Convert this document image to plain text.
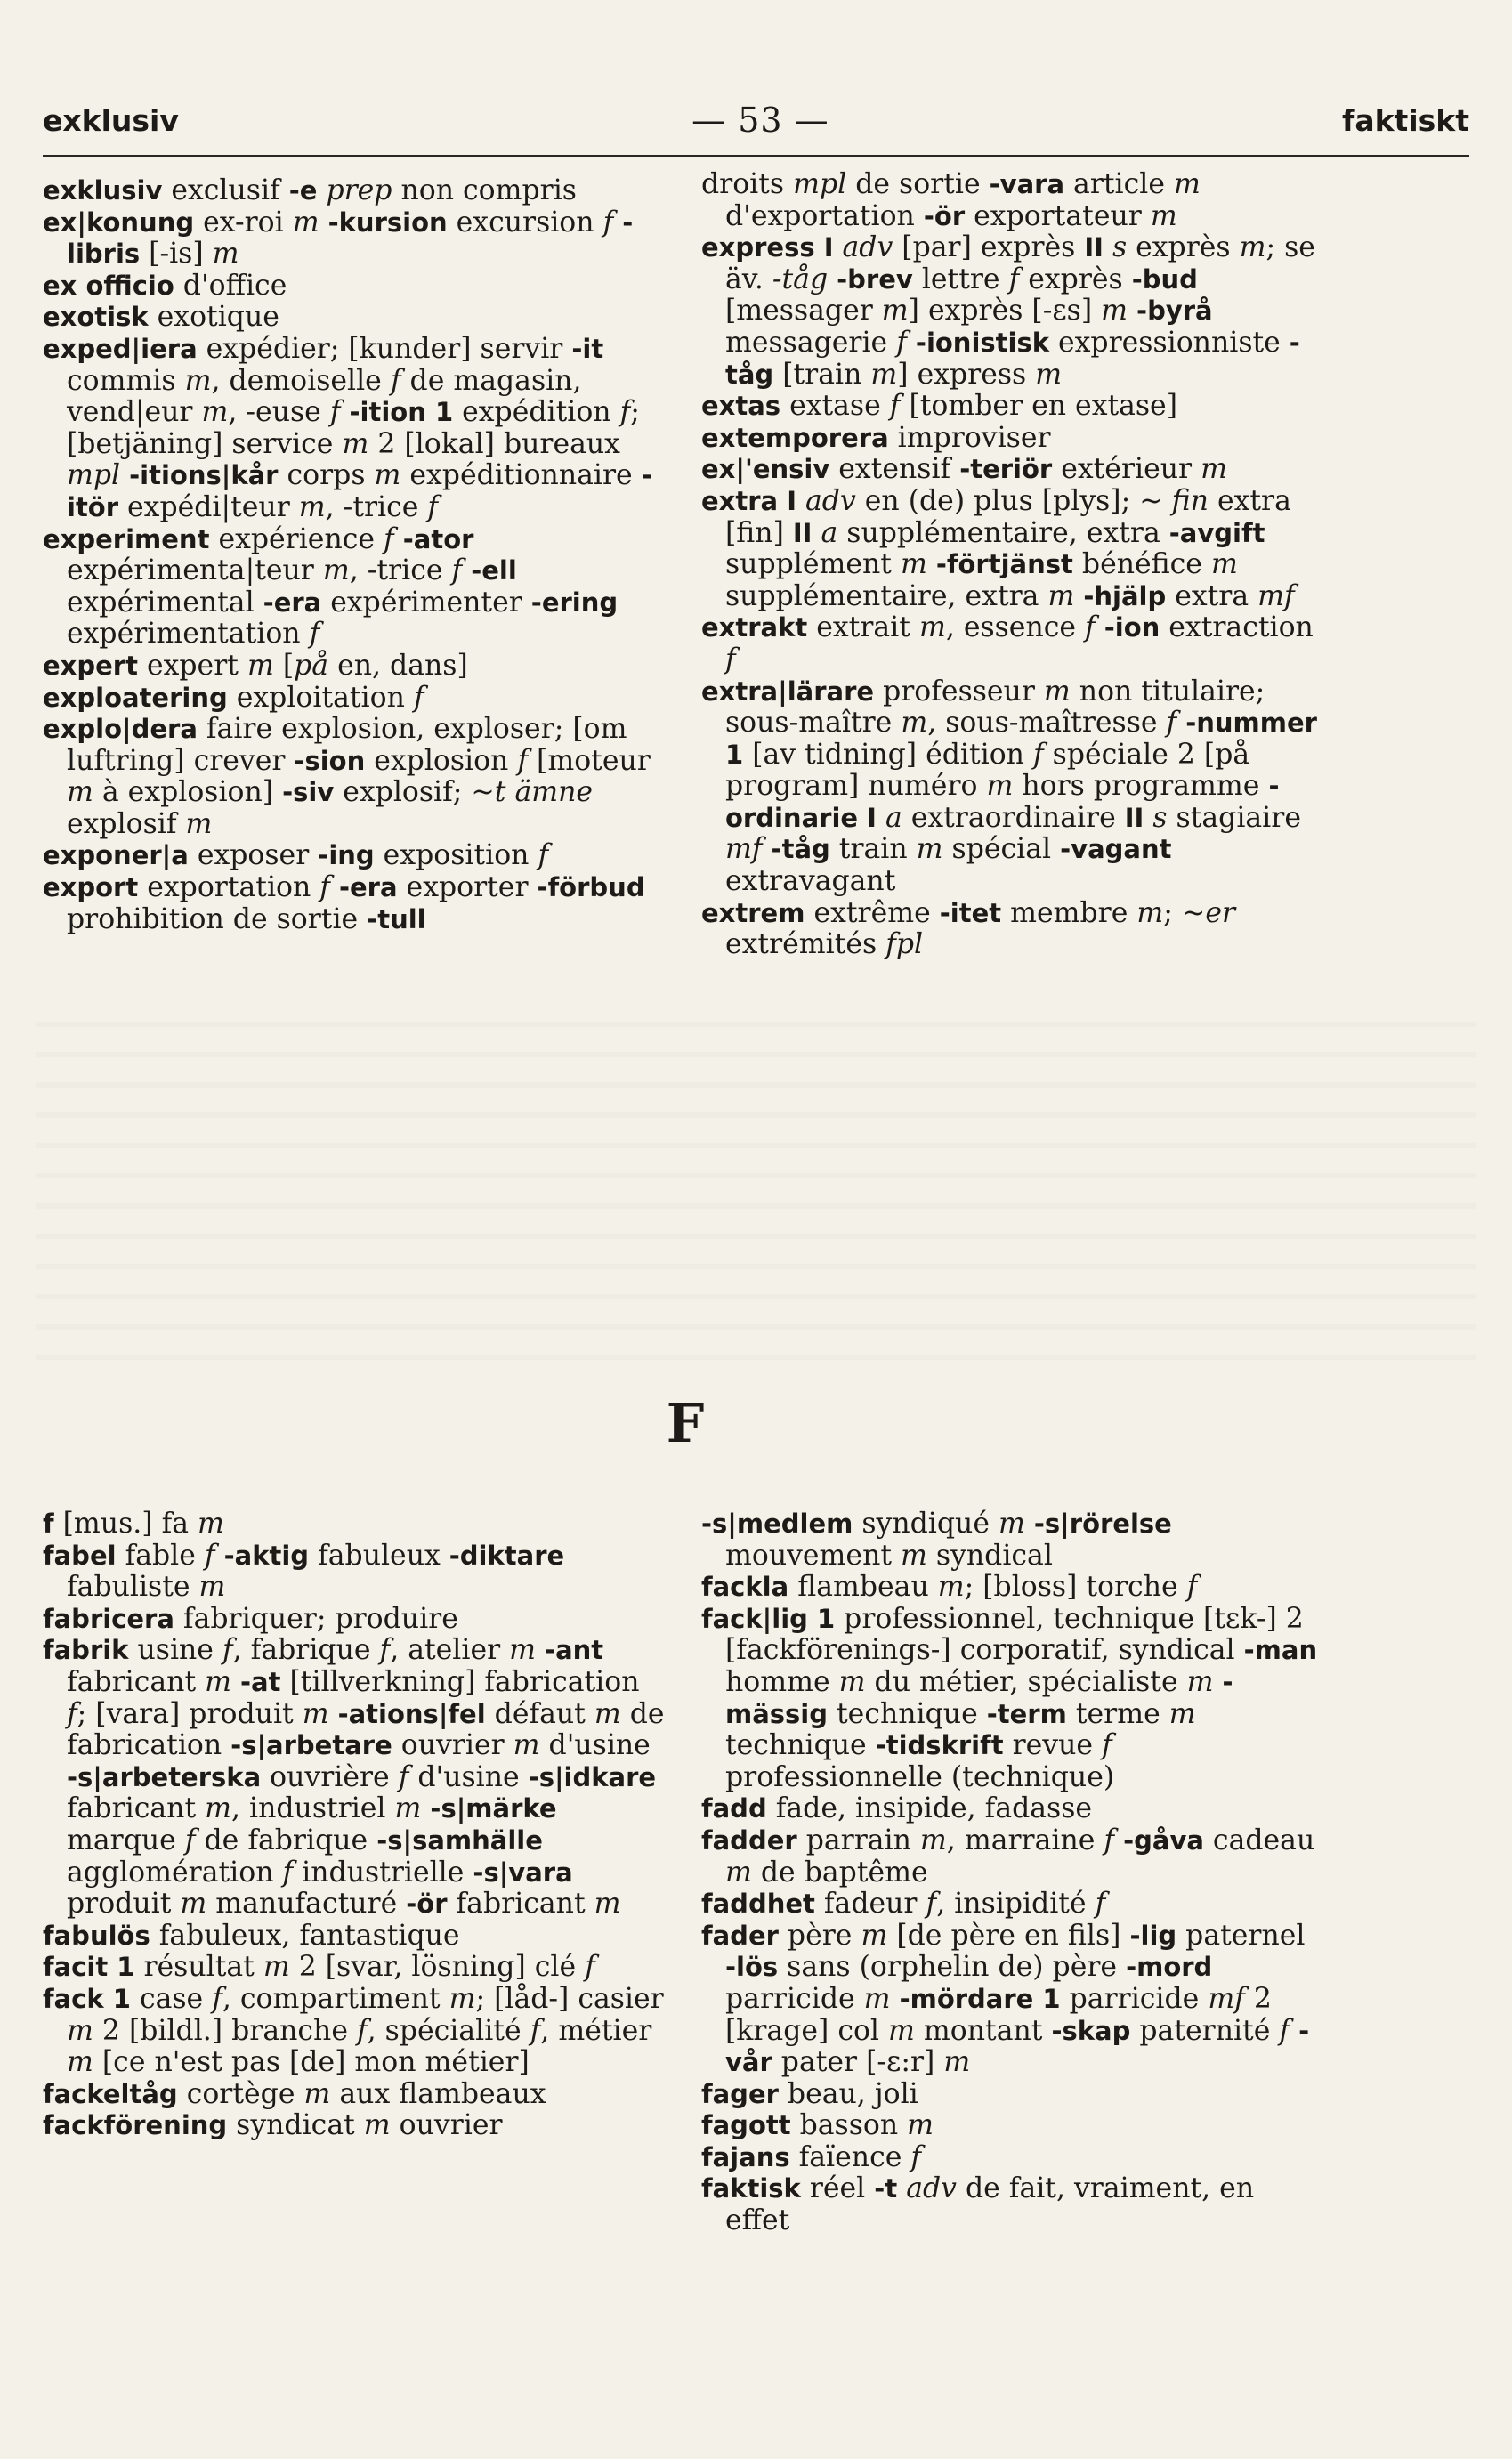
exklusiv	— 53 —	faktiskt

exklusiv exclusif -e prep non compris

ex|konung ex-roi m -kursion excursion f -libris [-is] m

ex officio d'office

exotisk exotique

exped|iera expédier; [kunder] servir -it commis m, demoiselle f de magasin, vend|eur m, -euse f -ition 1 expédition f; [betjäning] service m 2 [lokal] bureaux mpl -itions|kår corps m expéditionnaire -itör expédi|teur m, -trice f

experiment expérience f -ator expérimenta|teur m, -trice f -ell expérimental -era expérimenter -ering expérimentation f

expert expert m [på en, dans]

exploatering exploitation f

explo|dera faire explosion, exploser; [om luftring] crever -sion explosion f [moteur m à explosion] -siv explosif; ~t ämne explosif m

exponer|a exposer -ing exposition f

export exportation f -era exporter -förbud prohibition de sortie -tull

droits mpl de sortie -vara article m d'exportation -ör exportateur m

express I adv [par] exprès II s exprès m; se äv. -tåg -brev lettre f exprès -bud [messager m] exprès [-ɛs] m -byrå messagerie f -ionistisk expressionniste -tåg [train m] express m

extas extase f [tomber en extase]

extemporera improviser

ex|'ensiv extensif -teriör extérieur m

extra I adv en (de) plus [plys]; ~ fin extra [fin] II a supplémentaire, extra -avgift supplément m -förtjänst bénéfice m supplémentaire, extra m -hjälp extra mf

extrakt extrait m, essence f -ion extraction f

extra|lärare professeur m non titulaire; sous-maître m, sous-maîtresse f -nummer 1 [av tidning] édition f spéciale 2 [på program] numéro m hors programme -ordinarie I a extraordinaire II s stagiaire mf -tåg train m spécial -vagant extravagant

extrem extrême -itet membre m; ~er extrémités fpl

F

f [mus.] fa m

fabel fable f -aktig fabuleux -diktare fabuliste m

fabricera fabriquer; produire

fabrik usine f, fabrique f, atelier m -ant fabricant m -at [tillverkning] fabrication f; [vara] produit m -ations|fel défaut m de fabrication -s|arbetare ouvrier m d'usine -s|arbeterska ouvrière f d'usine -s|idkare fabricant m, industriel m -s|märke marque f de fabrique -s|samhälle agglomération f industrielle -s|vara produit m manufacturé -ör fabricant m

fabulös fabuleux, fantastique

facit 1 résultat m 2 [svar, lösning] clé f

fack 1 case f, compartiment m; [låd-] casier m 2 [bildl.] branche f, spécialité f, métier m [ce n'est pas [de] mon métier]

fackeltåg cortège m aux flambeaux

fackförening syndicat m ouvrier

-s|medlem syndiqué m -s|rörelse mouvement m syndical

fackla flambeau m; [bloss] torche f

fack|lig 1 professionnel, technique [tɛk-] 2 [fackförenings-] corporatif, syndical -man homme m du métier, spécialiste m -mässig technique -term terme m technique -tidskrift revue f professionnelle (technique)

fadd fade, insipide, fadasse

fadder parrain m, marraine f -gåva cadeau m de baptême

faddhet fadeur f, insipidité f

fader père m [de père en fils] -lig paternel -lös sans (orphelin de) père -mord parricide m -mördare 1 parricide mf 2 [krage] col m montant -skap paternité f -vår pater [-ɛ:r] m

fager beau, joli

fagott basson m

fajans faïence f

faktisk réel -t adv de fait, vraiment, en effet
